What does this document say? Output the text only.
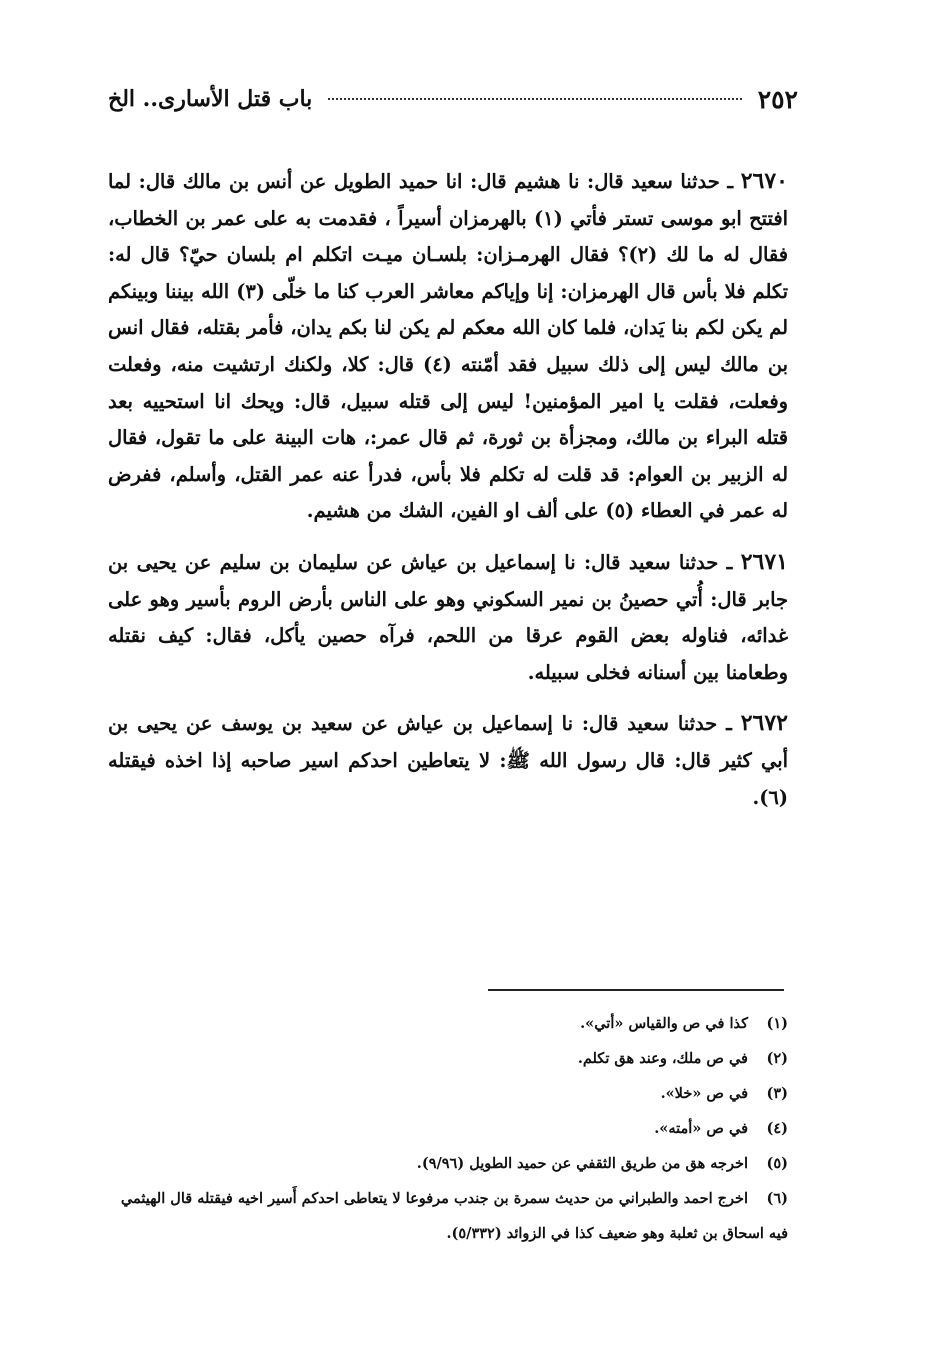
٢٥٢
باب قتل الأسارى.. الخ

٢٦٧٠ ـ حدثنا سعيد قال: نا هشيم قال: انا حميد الطويل عن أنس بن مالك قال: لما افتتح ابو موسى تستر فأتي (١) بالهرمزان أسيراً ، فقدمت به على عمر بن الخطاب، فقال له ما لك (٢)؟ فقال الهرمـزان: بلسـان ميـت اتكلم ام بلسان حيّ؟ قال له: تكلم فلا بأس قال الهرمزان: إنا وإياكم معاشر العرب كنا ما خلّى (٣) الله بيننا وبينكم لم يكن لكم بنا يَدان، فلما كان الله معكم لم يكن لنا بكم يدان، فأمر بقتله، فقال انس بن مالك ليس إلى ذلك سبيل فقد أمّنته (٤) قال: كلا، ولكنك ارتشيت منه، وفعلت وفعلت، فقلت يا امير المؤمنين! ليس إلى قتله سبيل، قال: ويحك انا استحييه بعد قتله البراء بن مالك، ومجزأة بن ثورة، ثم قال عمر:، هات البينة على ما تقول، فقال له الزبير بن العوام: قد قلت له تكلم فلا بأس، فدرأ عنه عمر القتل، وأسلم، ففرض له عمر في العطاء (٥) على ألف او الفين، الشك من هشيم.

٢٦٧١ ـ حدثنا سعيد قال: نا إسماعيل بن عياش عن سليمان بن سليم عن يحيى بن جابر قال: أُتي حصينُ بن نمير السكوني وهو على الناس بأرض الروم بأسير وهو على غدائه، فناوله بعض القوم عرقا من اللحم، فرآه حصين يأكل، فقال: كيف نقتله وطعامنا بين أسنانه فخلى سبيله.

٢٦٧٢ ـ حدثنا سعيد قال: نا إسماعيل بن عياش عن سعيد بن يوسف عن يحيى بن أبي كثير قال: قال رسول الله ﷺ: لا يتعاطين احدكم اسير صاحبه إذا اخذه فيقتله (٦).

(١)كذا في ص والقياس «أتي».

(٢)في ص ملك، وعند هق تكلم.

(٣)في ص «خلا».

(٤)في ص «أمته».

(٥)اخرجه هق من طريق الثقفي عن حميد الطويل (٩/٩٦).

(٦)اخرج احمد والطبراني من حديث سمرة بن جندب مرفوعا لا يتعاطى احدكم أَسير اخيه فيقتله قال الهيثمي فيه اسحاق بن ثعلبة وهو ضعيف كذا في الزوائد (٥/٣٣٢).
